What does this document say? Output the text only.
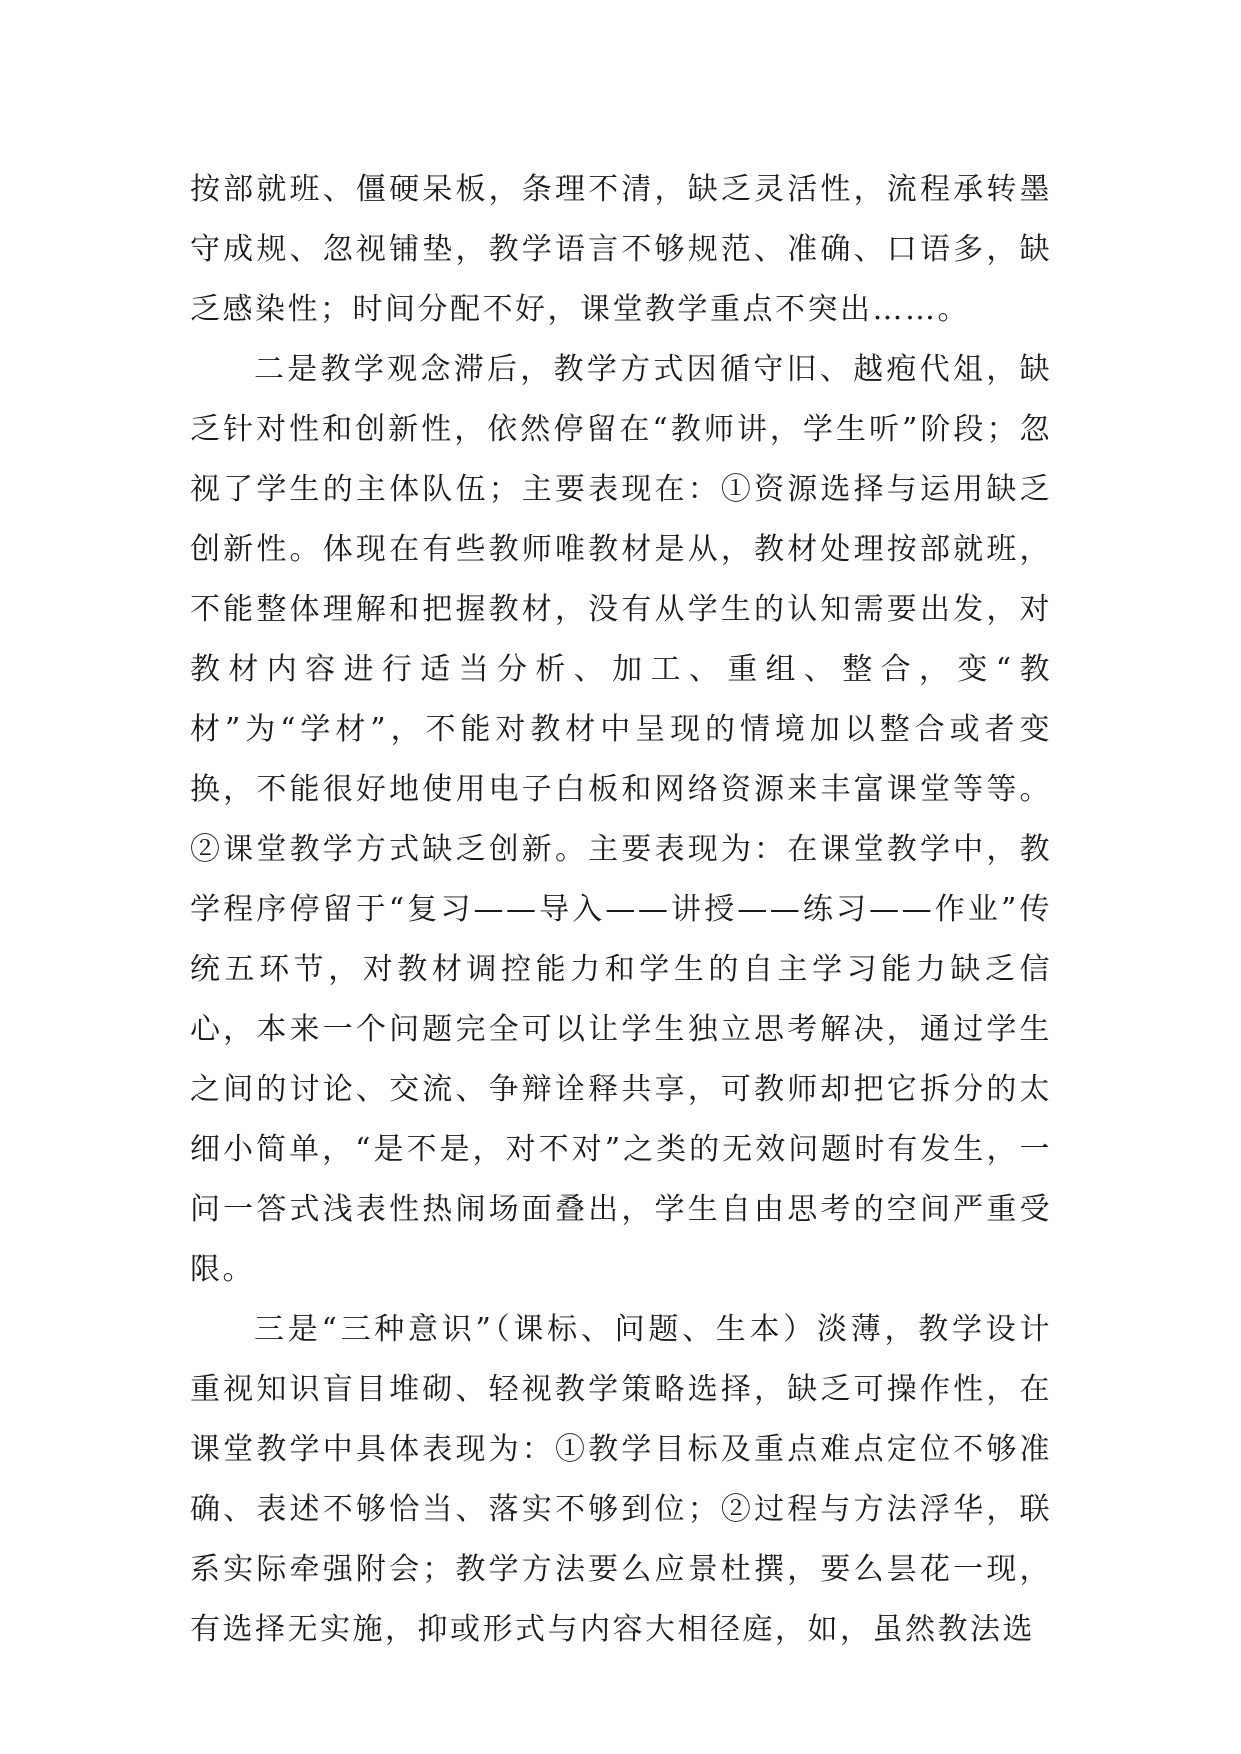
按部就班、僵硬呆板，条理不清，缺乏灵活性，流程承转墨守成规、忽视铺垫，教学语言不够规范、准确、口语多，缺乏感染性；时间分配不好，课堂教学重点不突出……。

二是教学观念滞后，教学方式因循守旧、越疱代俎，缺乏针对性和创新性，依然停留在“教师讲，学生听”阶段；忽视了学生的主体队伍；主要表现在：①资源选择与运用缺乏创新性。体现在有些教师唯教材是从，教材处理按部就班，不能整体理解和把握教材，没有从学生的认知需要出发，对教材内容进行适当分析、加工、重组、整合，变“教材”为“学材”，不能对教材中呈现的情境加以整合或者变换，不能很好地使用电子白板和网络资源来丰富课堂等等。②课堂教学方式缺乏创新。主要表现为：在课堂教学中，教学程序停留于“复习——导入——讲授——练习——作业”传统五环节，对教材调控能力和学生的自主学习能力缺乏信心，本来一个问题完全可以让学生独立思考解决，通过学生之间的讨论、交流、争辩诠释共享，可教师却把它拆分的太细小简单，“是不是，对不对”之类的无效问题时有发生，一问一答式浅表性热闹场面叠出，学生自由思考的空间严重受限。

三是“三种意识”（课标、问题、生本）淡薄，教学设计重视知识盲目堆砌、轻视教学策略选择，缺乏可操作性，在课堂教学中具体表现为：①教学目标及重点难点定位不够准确、表述不够恰当、落实不够到位；②过程与方法浮华，联系实际牵强附会；教学方法要么应景杜撰，要么昙花一现，有选择无实施，抑或形式与内容大相径庭，如，虽然教法选
